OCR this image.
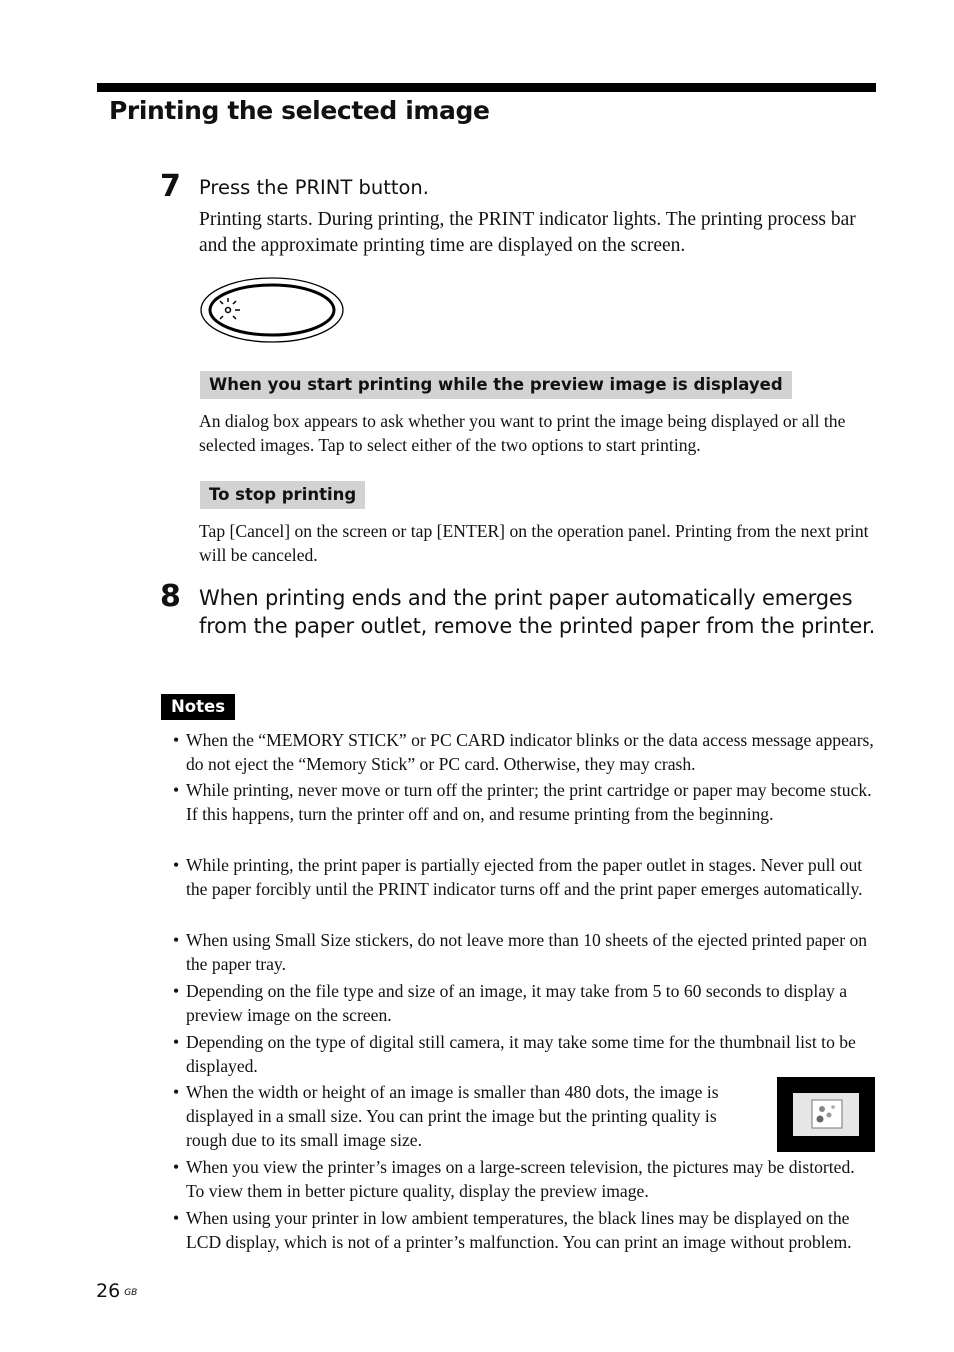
Printing the selected image
7 Press the PRINT button.

Printing starts. During printing, the PRINT indicator lights. The printing process bar and the approximate printing time are displayed on the screen.

When you start printing while the preview image is displayed

An dialog box appears to ask whether you want to print the image being displayed or all the selected images. Tap to select either of the two options to start printing.

To stop printing

Tap [Cancel] on the screen or tap [ENTER] on the operation panel. Printing from the next print will be canceled.

8 When printing ends and the print paper automatically emerges from the paper outlet, remove the printed paper from the printer.
Notes
• When the “MEMORY STICK” or PC CARD indicator blinks or the data access message appears, do not eject the “Memory Stick” or PC card. Otherwise, they may crash.
• While printing, never move or turn off the printer; the print cartridge or paper may become stuck. If this happens, turn the printer off and on, and resume printing from the beginning.
• While printing, the print paper is partially ejected from the paper outlet in stages. Never pull out the paper forcibly until the PRINT indicator turns off and the print paper emerges automatically.
• When using Small Size stickers, do not leave more than 10 sheets of the ejected printed paper on the paper tray.
• Depending on the file type and size of an image, it may take from 5 to 60 seconds to display a preview image on the screen.
• Depending on the type of digital still camera, it may take some time for the thumbnail list to be displayed.
• When the width or height of an image is smaller than 480 dots, the image is displayed in a small size. You can print the image but the printing quality is rough due to its small image size.
• When you view the printer’s images on a large-screen television, the pictures may be distorted. To view them in better picture quality, display the preview image.
• When using your printer in low ambient temperatures, the black lines may be displayed on the LCD display, which is not of a printer’s malfunction. You can print an image without problem.
26 $^{GB}$
